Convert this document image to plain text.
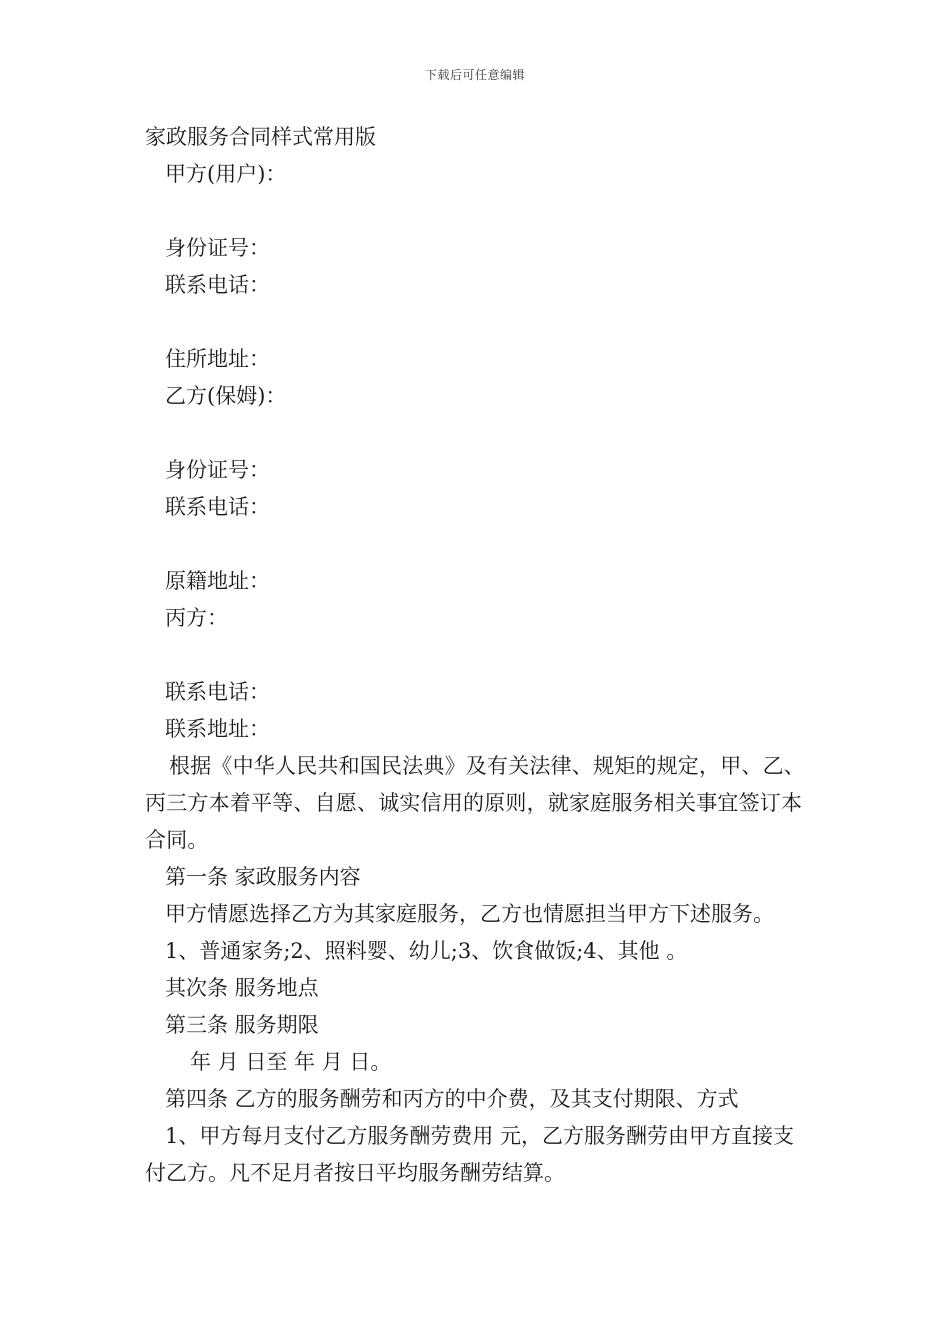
下载后可任意编辑
家政服务合同样式常用版
甲方(用户)：
身份证号：
联系电话：
住所地址：
乙方(保姆)：
身份证号：
联系电话：
原籍地址：
丙方：
联系电话：
联系地址：
根据《中华人民共和国民法典》及有关法律、规矩的规定，甲、乙、丙三方本着平等、自愿、诚实信用的原则，就家庭服务相关事宜签订本合同。
第一条 家政服务内容
甲方情愿选择乙方为其家庭服务，乙方也情愿担当甲方下述服务。
1、普通家务;2、照料婴、幼儿;3、饮食做饭;4、其他 。
其次条 服务地点
第三条 服务期限
年 月 日至 年 月 日。
第四条 乙方的服务酬劳和丙方的中介费，及其支付期限、方式
1、甲方每月支付乙方服务酬劳费用 元，乙方服务酬劳由甲方直接支付乙方。凡不足月者按日平均服务酬劳结算。
